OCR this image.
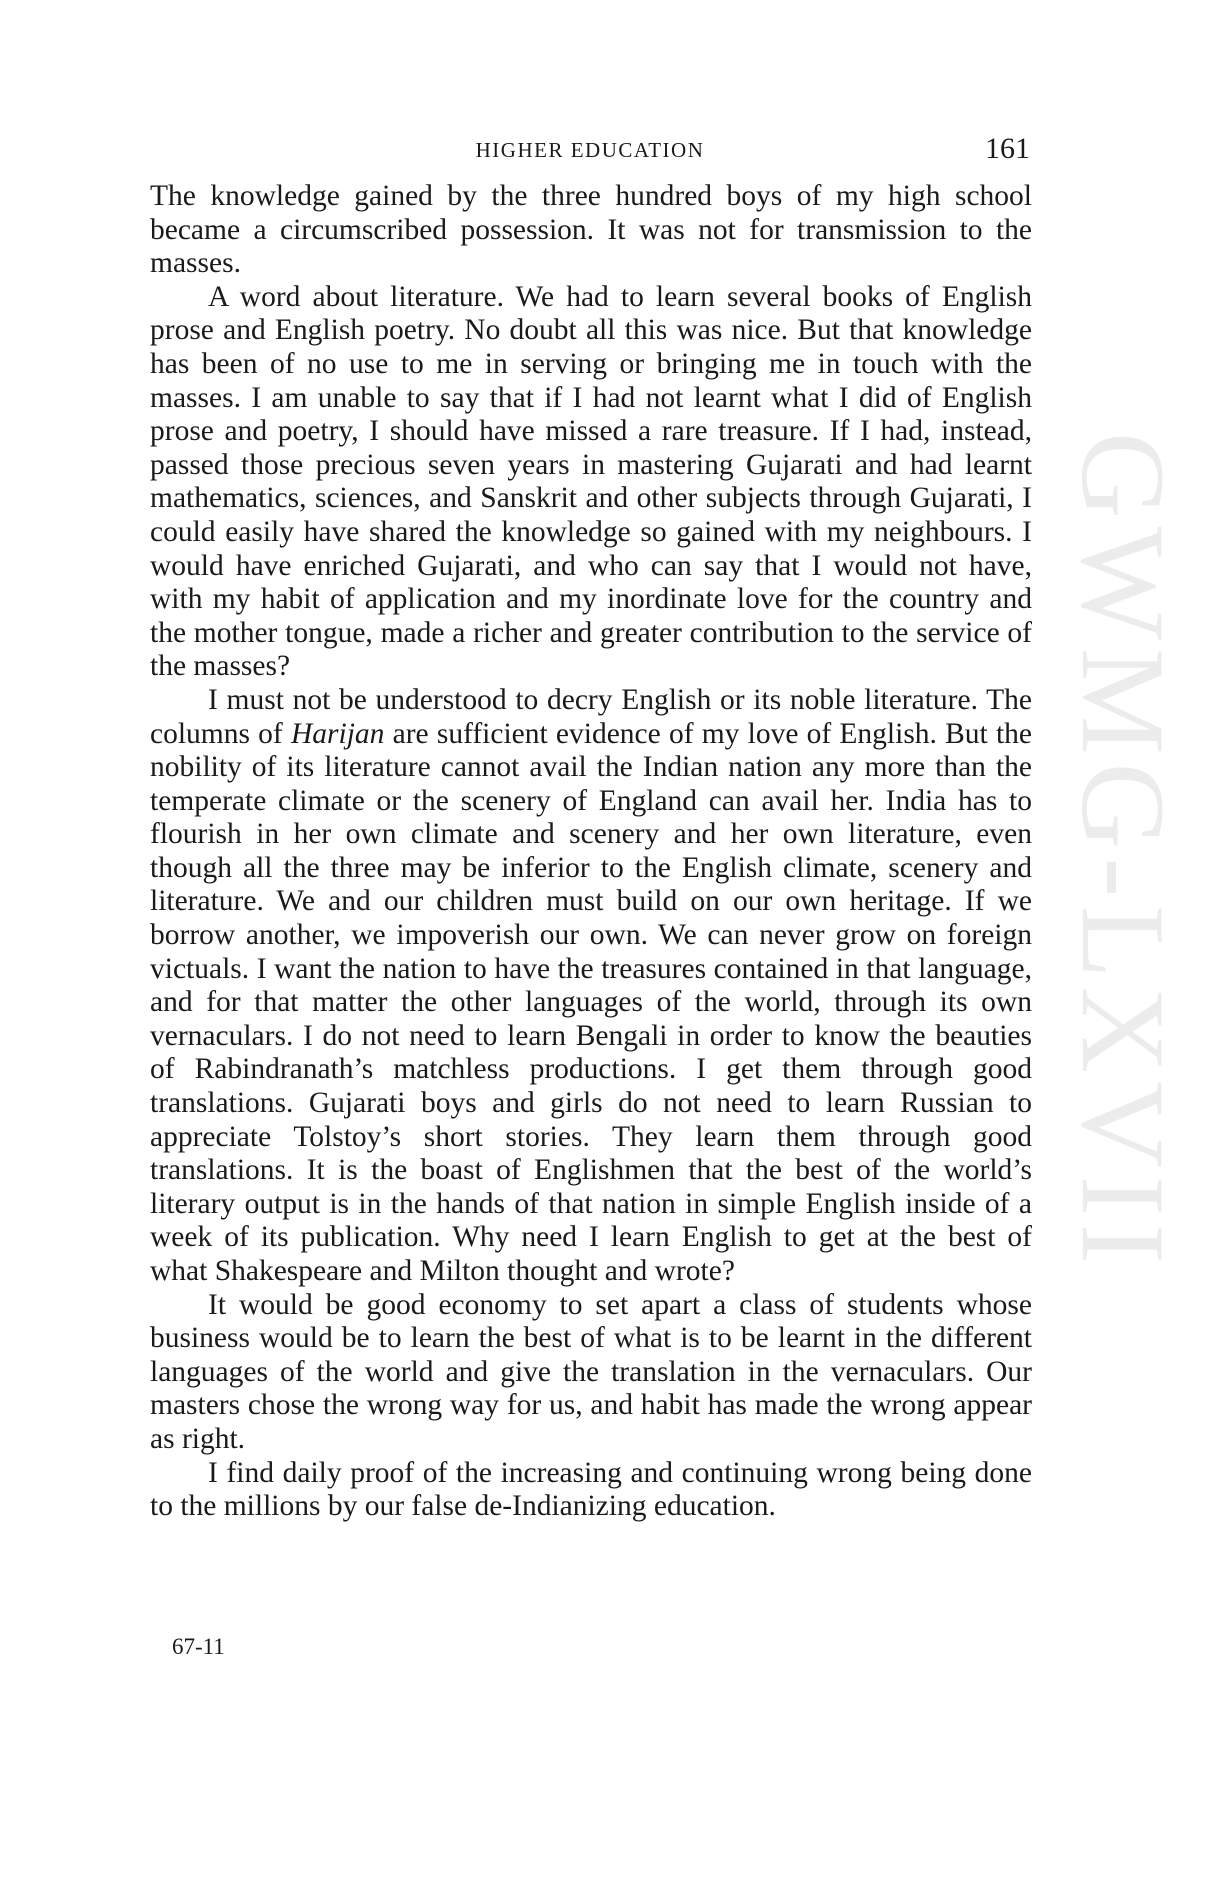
HIGHER EDUCATION	161

The knowledge gained by the three hundred boys of my high school became a circumscribed possession. It was not for transmission to the masses.

A word about literature. We had to learn several books of English prose and English poetry. No doubt all this was nice. But that knowledge has been of no use to me in serving or bringing me in touch with the masses. I am unable to say that if I had not learnt what I did of English prose and poetry, I should have missed a rare treasure. If I had, instead, passed those precious seven years in mastering Gujarati and had learnt mathematics, sciences, and Sanskrit and other subjects through Gujarati, I could easily have shared the knowledge so gained with my neighbours. I would have enriched Gujarati, and who can say that I would not have, with my habit of application and my inordinate love for the country and the mother tongue, made a richer and greater contribution to the service of the masses?

I must not be understood to decry English or its noble literature. The columns of Harijan are sufficient evidence of my love of English. But the nobility of its literature cannot avail the Indian nation any more than the temperate climate or the scenery of England can avail her. India has to flourish in her own climate and scenery and her own literature, even though all the three may be inferior to the English climate, scenery and literature. We and our children must build on our own heritage. If we borrow another, we impoverish our own. We can never grow on foreign victuals. I want the nation to have the treasures contained in that language, and for that matter the other languages of the world, through its own vernaculars. I do not need to learn Bengali in order to know the beauties of Rabindranath’s matchless productions. I get them through good translations. Gujarati boys and girls do not need to learn Russian to appreciate Tolstoy’s short stories. They learn them through good translations. It is the boast of Englishmen that the best of the world’s literary output is in the hands of that nation in simple English inside of a week of its publication. Why need I learn English to get at the best of what Shakespeare and Milton thought and wrote?

It would be good economy to set apart a class of students whose business would be to learn the best of what is to be learnt in the different languages of the world and give the translation in the vernaculars. Our masters chose the wrong way for us, and habit has made the wrong appear as right.

I find daily proof of the increasing and continuing wrong being done to the millions by our false de-Indianizing education.

67-11
GWMG-LXVII
